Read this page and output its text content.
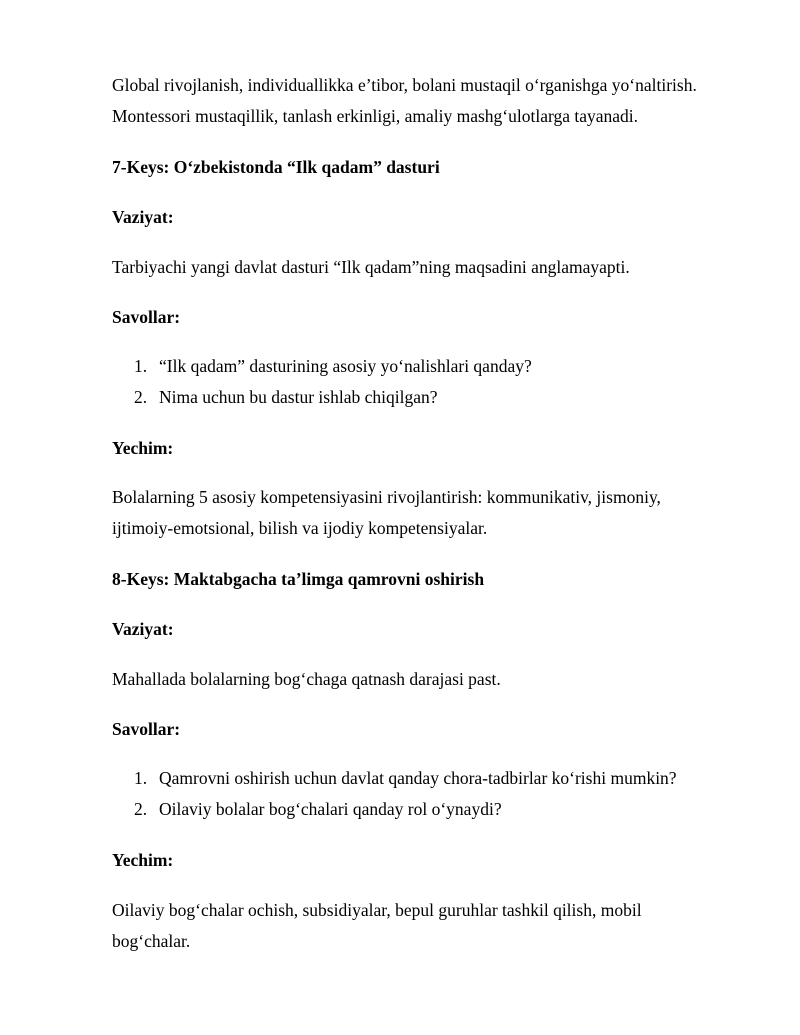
Global rivojlanish, individuallikka e’tibor, bolani mustaqil o‘rganishga yo‘naltirish.
Montessori mustaqillik, tanlash erkinligi, amaliy mashg‘ulotlarga tayanadi.
7-Keys: O‘zbekistonda “Ilk qadam” dasturi
Vaziyat:
Tarbiyachi yangi davlat dasturi “Ilk qadam”ning maqsadini anglamayapti.
Savollar:
1. “Ilk qadam” dasturining asosiy yo‘nalishlari qanday?
2. Nima uchun bu dastur ishlab chiqilgan?
Yechim:
Bolalarning 5 asosiy kompetensiyasini rivojlantirish: kommunikativ, jismoniy,
ijtimoiy-emotsional, bilish va ijodiy kompetensiyalar.
8-Keys: Maktabgacha ta’limga qamrovni oshirish
Vaziyat:
Mahallada bolalarning bog‘chaga qatnash darajasi past.
Savollar:
1. Qamrovni oshirish uchun davlat qanday chora-tadbirlar ko‘rishi mumkin?
2. Oilaviy bolalar bog‘chalari qanday rol o‘ynaydi?
Yechim:
Oilaviy bog‘chalar ochish, subsidiyalar, bepul guruhlar tashkil qilish, mobil
bog‘chalar.
